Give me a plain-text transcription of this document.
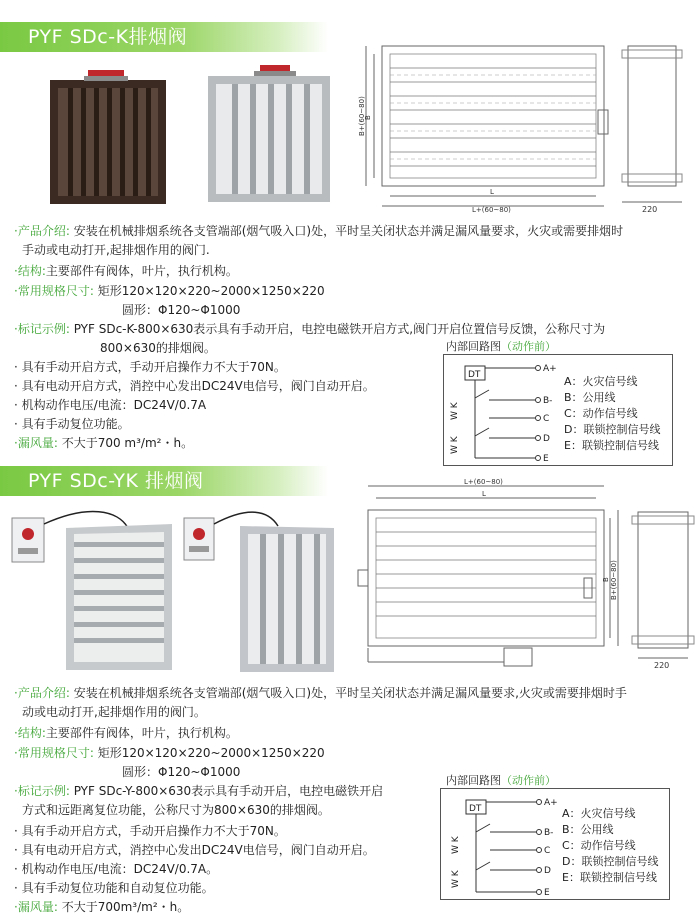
PYF SDc-K排烟阀
B
B+(60~80)
L
L+(60~80)	220
·产品介绍: 安装在机械排烟系统各支管端部(烟气吸入口)处，平时呈关闭状态并满足漏风量要求，火灾或需要排烟时
手动或电动打开,起排烟作用的阀门.
·结构:主要部件有阀体，叶片，执行机构。
·常用规格尺寸: 矩形120×120×220~2000×1250×220
圆形：Φ120~Φ1000
·标记示例: PYF SDc-K-800×630表示具有手动开启，电控电磁铁开启方式,阀门开启位置信号反馈，公称尺寸为
800×630的排烟阀。
· 具有手动开启方式，手动开启操作力不大于70N。
· 具有电动开启方式，消控中心发出DC24V电信号，阀门自动开启。
· 机构动作电压/电流：DC24V/0.7A
· 具有手动复位功能。
·漏风量: 不大于700 m³/m²・h。
内部回路图（动作前）
DT
W K
W K
A+
B-
C
D
E
A：火灾信号线
B：公用线
C：动作信号线
D：联锁控制信号线
E：联锁控制信号线
PYF SDc-YK 排烟阀	L+(60~80)
L
B B+(60~80)
220
·产品介绍: 安装在机械排烟系统各支管端部(烟气吸入口)处，平时呈关闭状态并满足漏风量要求,火灾或需要排烟时手
动或电动打开,起排烟作用的阀门。
·结构:主要部件有阀体，叶片，执行机构。
·常用规格尺寸: 矩形120×120×220~2000×1250×220
圆形：Φ120~Φ1000
·标记示例: PYF SDc-Y-800×630表示具有手动开启，电控电磁铁开启
方式和远距离复位功能，公称尺寸为800×630的排烟阀。
· 具有手动开启方式，手动开启操作力不大于70N。
· 具有电动开启方式，消控中心发出DC24V电信号，阀门自动开启。
· 机构动作电压/电流：DC24V/0.7A。
· 具有手动复位功能和自动复位功能。
·漏风量: 不大于700m³/m²・h。
内部回路图（动作前）
DT
W K
W K
A+
B-
C
D
E
A：火灾信号线
B：公用线
C：动作信号线
D：联锁控制信号线
E：联锁控制信号线
